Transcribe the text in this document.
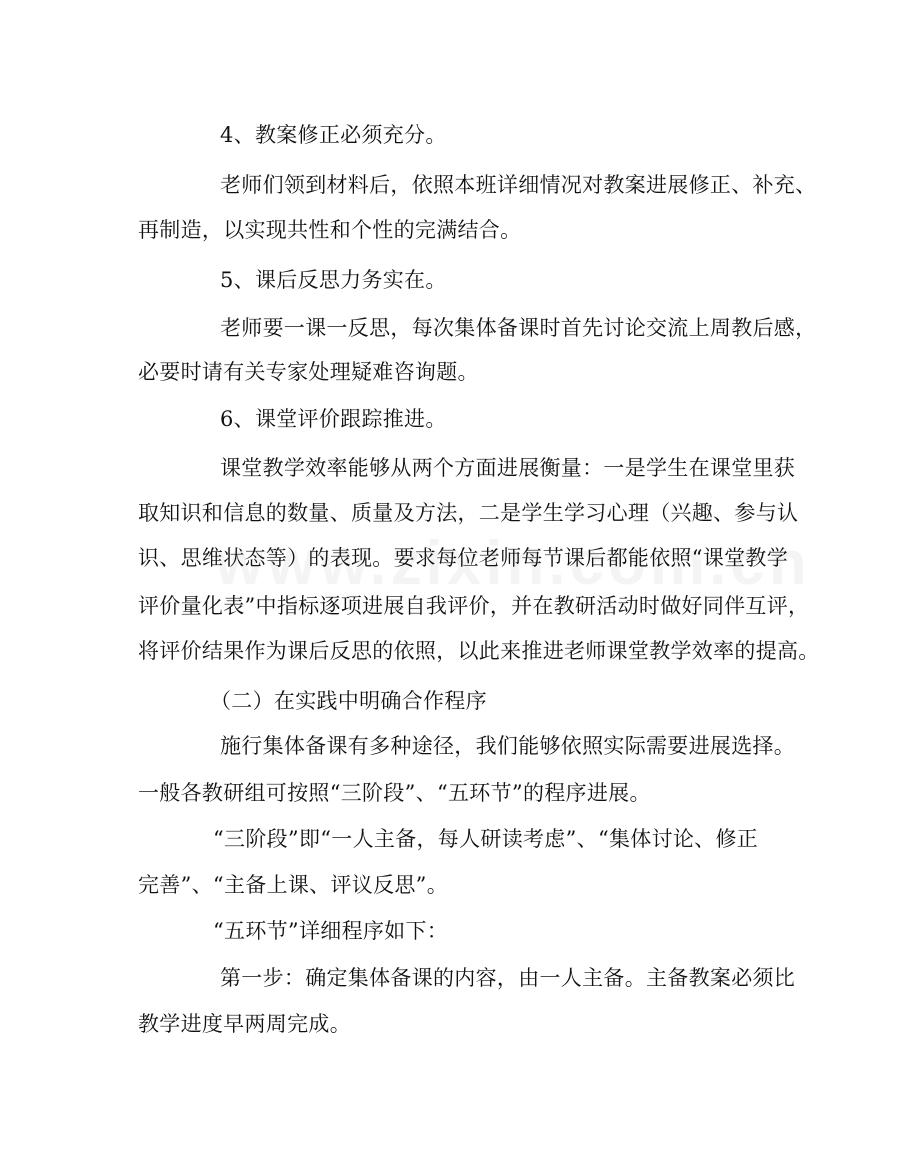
4、教案修正必须充分。
老师们领到材料后，依照本班详细情况对教案进展修正、补充、
再制造，以实现共性和个性的完满结合。
5、课后反思力务实在。
老师要一课一反思，每次集体备课时首先讨论交流上周教后感，
必要时请有关专家处理疑难咨询题。
6、课堂评价跟踪推进。
课堂教学效率能够从两个方面进展衡量：一是学生在课堂里获
取知识和信息的数量、质量及方法，二是学生学习心理（兴趣、参与认
识、思维状态等）的表现。要求每位老师每节课后都能依照“课堂教学
评价量化表”中指标逐项进展自我评价，并在教研活动时做好同伴互评，
将评价结果作为课后反思的依照，以此来推进老师课堂教学效率的提高。
（二）在实践中明确合作程序
施行集体备课有多种途径，我们能够依照实际需要进展选择。
一般各教研组可按照“三阶段”、“五环节”的程序进展。
“三阶段”即“一人主备，每人研读考虑”、“集体讨论、修正
完善”、“主备上课、评议反思”。
“五环节”详细程序如下：
第一步：确定集体备课的内容，由一人主备。主备教案必须比
教学进度早两周完成。
